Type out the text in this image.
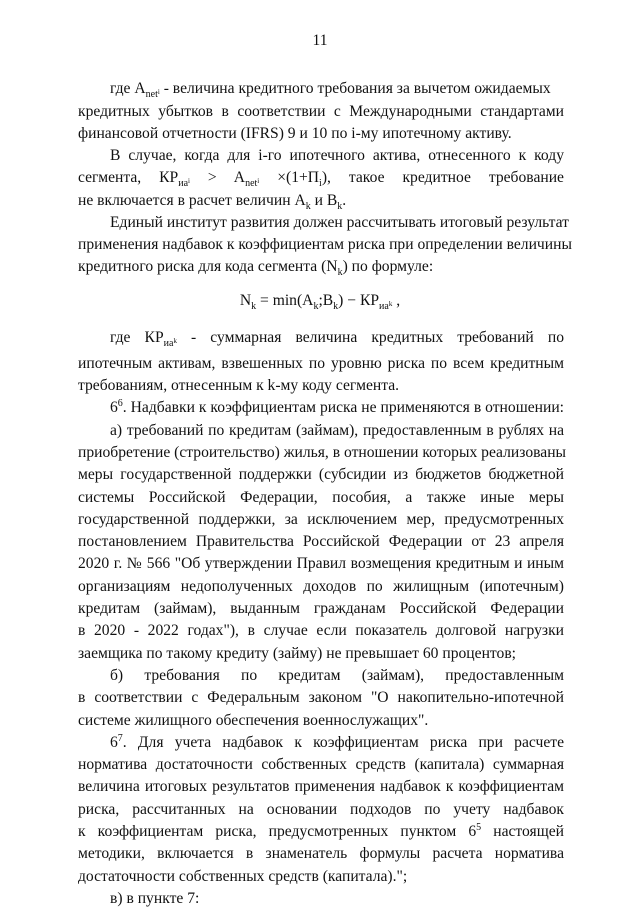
11
где $A_{net^i}$ - величина кредитного требования за вычетом ожидаемых
кредитных убытков в соответствии с Международными стандартами
финансовой отчетности (IFRS) 9 и 10 по i-му ипотечному активу.
В случае, когда для i-го ипотечного актива, отнесенного к коду
сегмента, $КР_{иа^i} > A_{net^i} \times(1+П_i)$, такое кредитное требование
не включается в расчет величин $A_k$ и $B_k$.
Единый институт развития должен рассчитывать итоговый результат
применения надбавок к коэффициентам риска при определении величины
кредитного риска для кода сегмента $(N_k)$ по формуле:
$N_k$ = $\min(A_k;B_k) - КР_{иа^k}$ ,
где $КР_{иа^k}$ - суммарная величина кредитных требований по
ипотечным активам, взвешенных по уровню риска по всем кредитным
требованиям, отнесенным к k-му коду сегмента.
$6^6$. Надбавки к коэффициентам риска не применяются в отношении:
а) требований по кредитам (займам), предоставленным в рублях на
приобретение (строительство) жилья, в отношении которых реализованы
меры государственной поддержки (субсидии из бюджетов бюджетной
системы Российской Федерации, пособия, а также иные меры
государственной поддержки, за исключением мер, предусмотренных
постановлением Правительства Российской Федерации от 23 апреля
2020 г. № 566 "Об утверждении Правил возмещения кредитным и иным
организациям недополученных доходов по жилищным (ипотечным)
кредитам (займам), выданным гражданам Российской Федерации
в 2020 - 2022 годах"), в случае если показатель долговой нагрузки
заемщика по такому кредиту (займу) не превышает 60 процентов;
б) требования по кредитам (займам), предоставленным
в соответствии с Федеральным законом "О накопительно-ипотечной
системе жилищного обеспечения военнослужащих".
$6^7$. Для учета надбавок к коэффициентам риска при расчете
норматива достаточности собственных средств (капитала) суммарная
величина итоговых результатов применения надбавок к коэффициентам
риска, рассчитанных на основании подходов по учету надбавок
к коэффициентам риска, предусмотренных пунктом $6^5$ настоящей
методики, включается в знаменатель формулы расчета норматива
достаточности собственных средств (капитала).";
в) в пункте 7:
